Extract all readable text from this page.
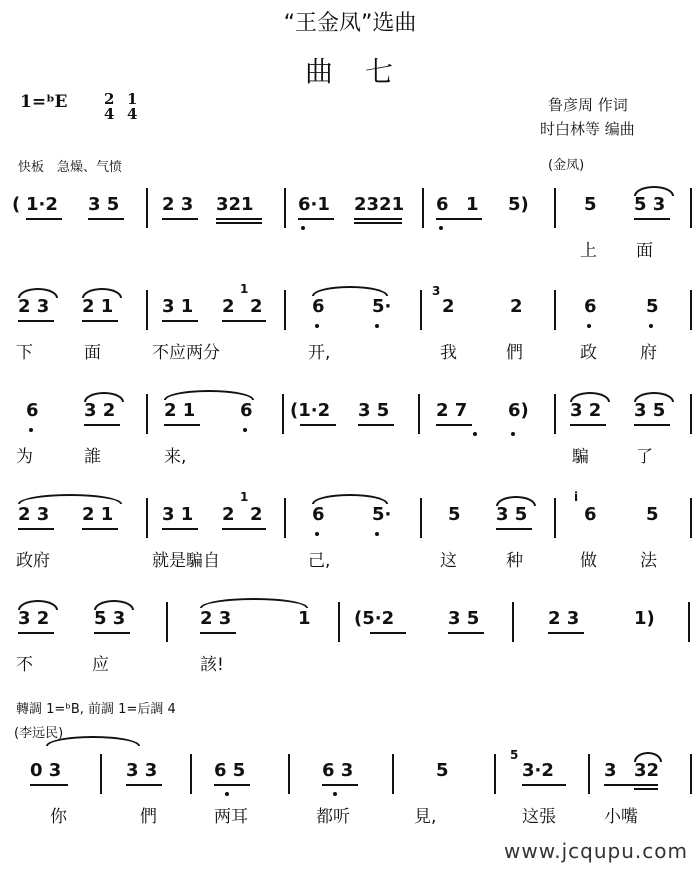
“王金凤”选曲
曲　七
1=ᵇE 2
4
1
4	鲁彦周 作词
时白林等 编曲
快板　急燥、气愤	(金凤)
( 1·2 3 5 2 3 321 6·1 2321 6 1 5)	5 5 3
上 面
2 3 2 1	3 1 2 2	6	5·	2	2	6	5
1	3
下	面	不应两分	开,	我	們	政	府
6	3 2	2 1 6 (1·2 3 5	2 7 6) 3 2 3 5
为	誰	来,	騙	了
2 3 2 1	3 1 2 2	6	5·	5 3 5	6	5
1	i
政府	就是騙自	己,	这	种	做	法
3 2 5 3	2 3	1 (5·2	3 5	2 3	1)
不	应	該!
轉調 1=ᵇB, 前調 1=后調 4
(李远民)
0 3	3 3	6 5	6 3	5	3·2	3 32
5
你	們	两耳	都听	見,	这張	小嘴
www.jcqupu.com
